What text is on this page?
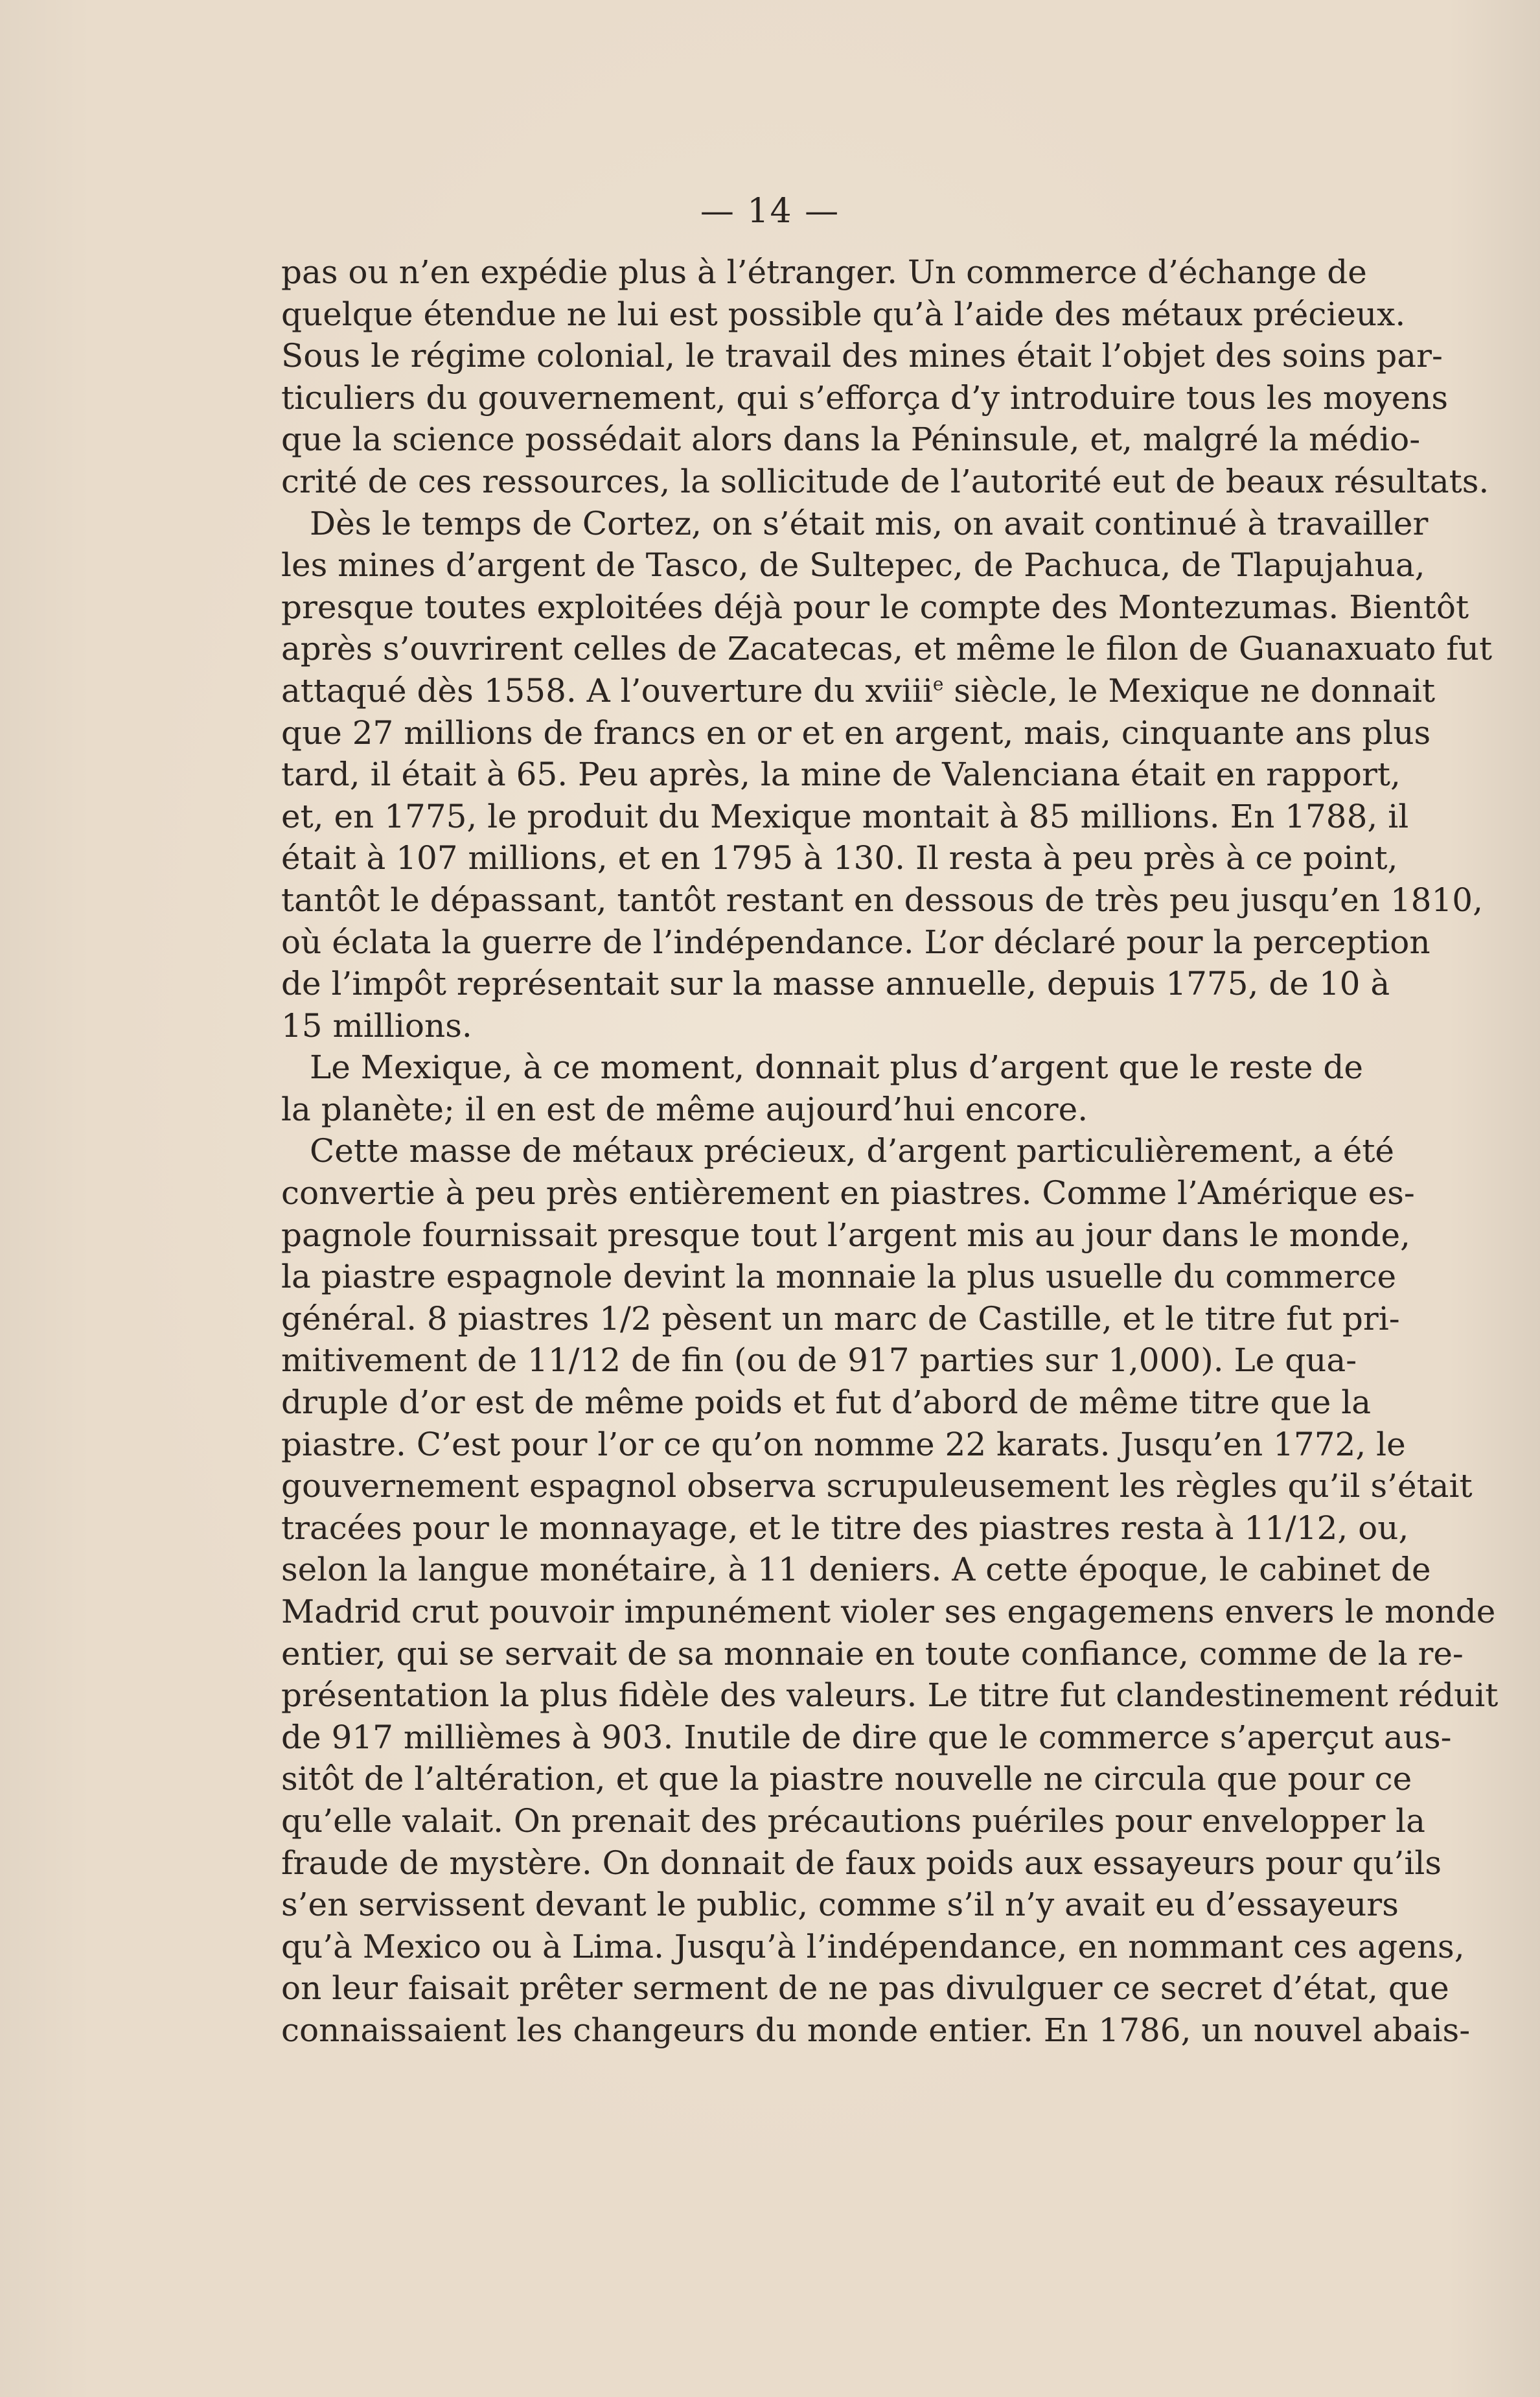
— 14 —
pas ou n’en expédie plus à l’étranger. Un commerce d’échange de
quelque étendue ne lui est possible qu’à l’aide des métaux précieux.
Sous le régime colonial, le travail des mines était l’objet des soins par-
ticuliers du gouvernement, qui s’efforça d’y introduire tous les moyens
que la science possédait alors dans la Péninsule, et, malgré la médio-
crité de ces ressources, la sollicitude de l’autorité eut de beaux résultats.
Dès le temps de Cortez, on s’était mis, on avait continué à travailler
les mines d’argent de Tasco, de Sultepec, de Pachuca, de Tlapujahua,
presque toutes exploitées déjà pour le compte des Montezumas. Bientôt
après s’ouvrirent celles de Zacatecas, et même le filon de Guanaxuato fut
attaqué dès 1558. A l’ouverture du xviii$^e$ siècle, le Mexique ne donnait
que 27 millions de francs en or et en argent, mais, cinquante ans plus
tard, il était à 65. Peu après, la mine de Valenciana était en rapport,
et, en 1775, le produit du Mexique montait à 85 millions. En 1788, il
était à 107 millions, et en 1795 à 130. Il resta à peu près à ce point,
tantôt le dépassant, tantôt restant en dessous de très peu jusqu’en 1810,
où éclata la guerre de l’indépendance. L’or déclaré pour la perception
de l’impôt représentait sur la masse annuelle, depuis 1775, de 10 à
15 millions.
Le Mexique, à ce moment, donnait plus d’argent que le reste de
la planète; il en est de même aujourd’hui encore.
Cette masse de métaux précieux, d’argent particulièrement, a été
convertie à peu près entièrement en piastres. Comme l’Amérique es-
pagnole fournissait presque tout l’argent mis au jour dans le monde,
la piastre espagnole devint la monnaie la plus usuelle du commerce
général. 8 piastres 1/2 pèsent un marc de Castille, et le titre fut pri-
mitivement de 11/12 de fin (ou de 917 parties sur 1,000). Le qua-
druple d’or est de même poids et fut d’abord de même titre que la
piastre. C’est pour l’or ce qu’on nomme 22 karats. Jusqu’en 1772, le
gouvernement espagnol observa scrupuleusement les règles qu’il s’était
tracées pour le monnayage, et le titre des piastres resta à 11/12, ou,
selon la langue monétaire, à 11 deniers. A cette époque, le cabinet de
Madrid crut pouvoir impunément violer ses engagemens envers le monde
entier, qui se servait de sa monnaie en toute confiance, comme de la re-
présentation la plus fidèle des valeurs. Le titre fut clandestinement réduit
de 917 millièmes à 903. Inutile de dire que le commerce s’aperçut aus-
sitôt de l’altération, et que la piastre nouvelle ne circula que pour ce
qu’elle valait. On prenait des précautions puériles pour envelopper la
fraude de mystère. On donnait de faux poids aux essayeurs pour qu’ils
s’en servissent devant le public, comme s’il n’y avait eu d’essayeurs
qu’à Mexico ou à Lima. Jusqu’à l’indépendance, en nommant ces agens,
on leur faisait prêter serment de ne pas divulguer ce secret d’état, que
connaissaient les changeurs du monde entier. En 1786, un nouvel abais-
